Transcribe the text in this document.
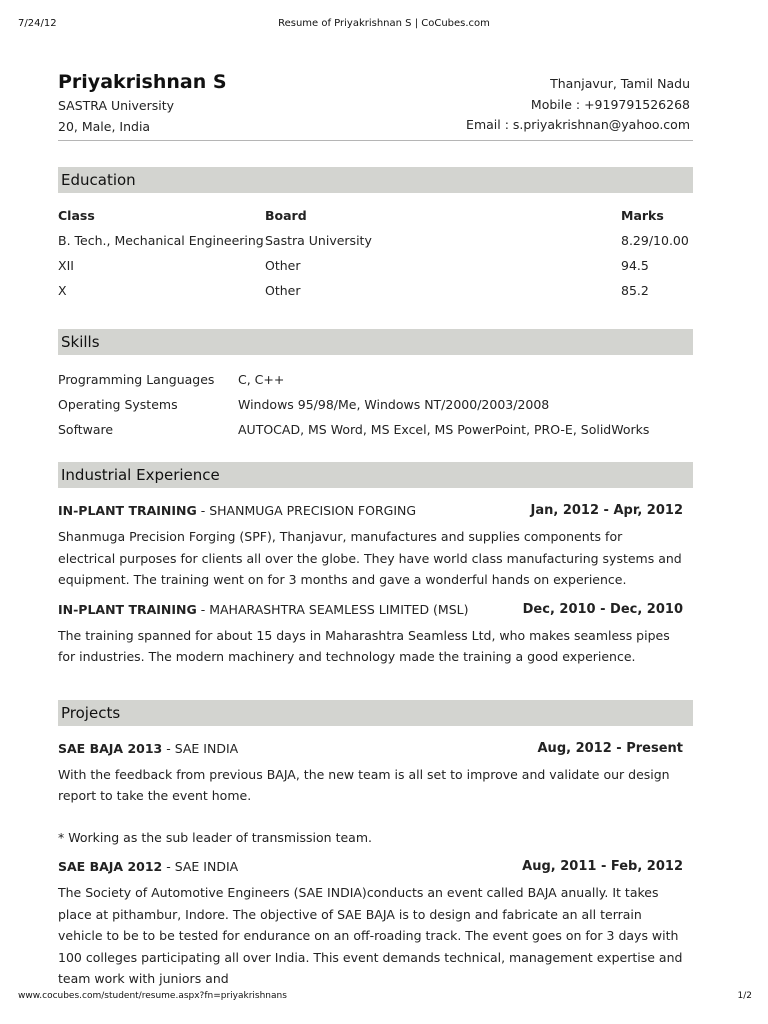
7/24/12	Resume of Priyakrishnan S | CoCubes.com
Priyakrishnan S
SASTRA University
20, Male, India
Thanjavur, Tamil Nadu
Mobile : +919791526268
Email : s.priyakrishnan@yahoo.com
Education
Class	Board	Marks
B. Tech., Mechanical Engineering	Sastra University	8.29/10.00
XII	Other	94.5
X	Other	85.2
Skills
Programming Languages	C, C++
Operating Systems	Windows 95/98/Me, Windows NT/2000/2003/2008
Software	AUTOCAD, MS Word, MS Excel, MS PowerPoint, PRO-E, SolidWorks
Industrial Experience
IN-PLANT TRAINING - SHANMUGA PRECISION FORGING	Jan, 2012 - Apr, 2012

Shanmuga Precision Forging (SPF), Thanjavur, manufactures and supplies components for electrical purposes for clients all over the globe. They have world class manufacturing systems and equipment. The training went on for 3 months and gave a wonderful hands on experience.

IN-PLANT TRAINING - MAHARASHTRA SEAMLESS LIMITED (MSL)	Dec, 2010 - Dec, 2010

The training spanned for about 15 days in Maharashtra Seamless Ltd, who makes seamless pipes for industries. The modern machinery and technology made the training a good experience.

Projects
SAE BAJA 2013 - SAE INDIA	Aug, 2012 - Present

With the feedback from previous BAJA, the new team is all set to improve and validate our design report to take the event home.

* Working as the sub leader of transmission team.

SAE BAJA 2012 - SAE INDIA	Aug, 2011 - Feb, 2012

The Society of Automotive Engineers (SAE INDIA)conducts an event called BAJA anually. It takes place at pithambur, Indore. The objective of SAE BAJA is to design and fabricate an all terrain vehicle to be to be tested for endurance on an off-roading track. The event goes on for 3 days with 100 colleges participating all over India. This event demands technical, management expertise and team work with juniors and

www.cocubes.com/student/resume.aspx?fn=priyakrishnans	1/2
